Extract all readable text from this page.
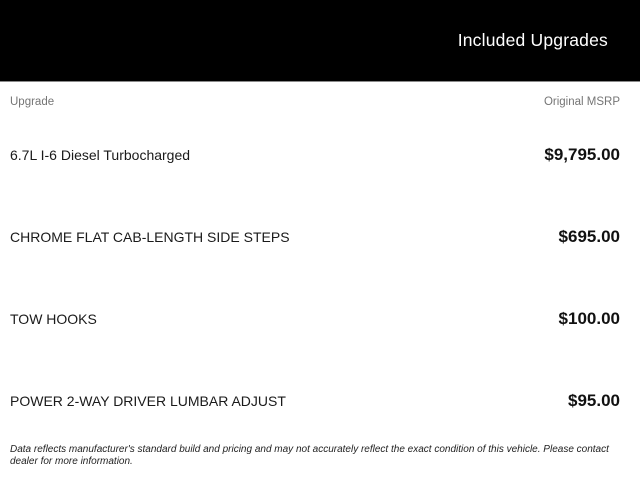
Included Upgrades
Upgrade	Original MSRP
6.7L I-6 Diesel Turbocharged	$9,795.00
CHROME FLAT CAB-LENGTH SIDE STEPS	$695.00
TOW HOOKS	$100.00
POWER 2-WAY DRIVER LUMBAR ADJUST	$95.00

Data reflects manufacturer's standard build and pricing and may not accurately reflect the exact condition of this vehicle. Please contact dealer for more information.
